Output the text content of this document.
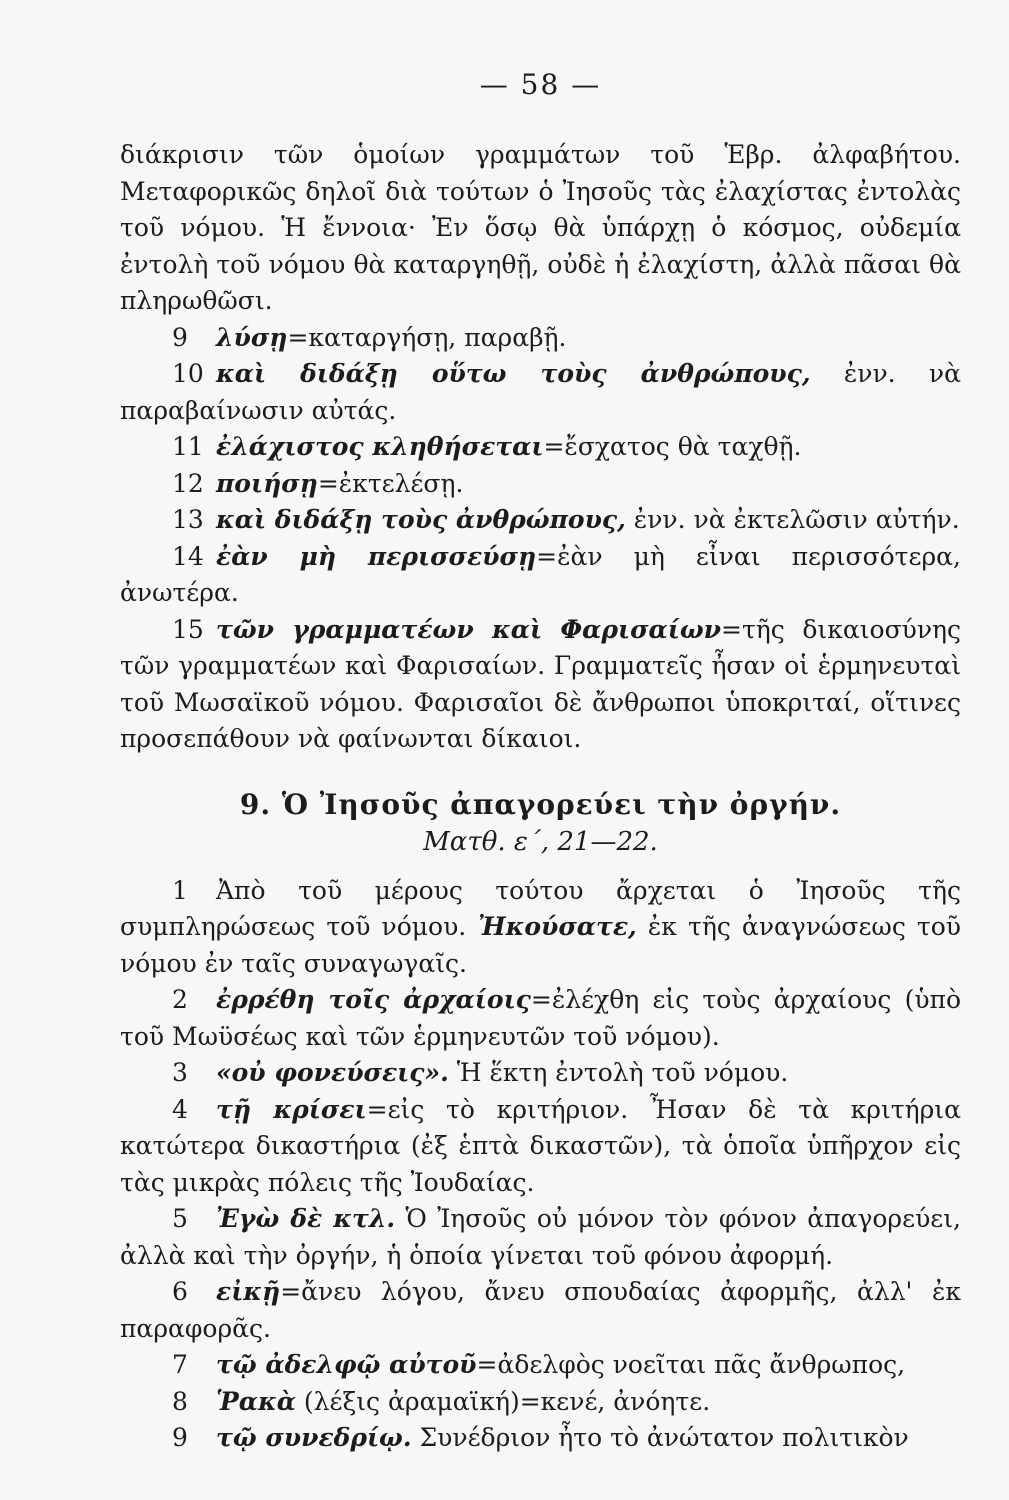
— 58 —

διάκρισιν τῶν ὁμοίων γραμμάτων τοῦ Ἑβρ. ἀλφαβήτου. Μεταφορικῶς δηλοῖ διὰ τούτων ὁ Ἰησοῦς τὰς ἐλαχίστας ἐντολὰς τοῦ νόμου. Ἡ ἔννοια· Ἐν ὅσῳ θὰ ὑπάρχῃ ὁ κόσμος, οὐδεμία ἐντολὴ τοῦ νόμου θὰ καταργηθῇ, οὐδὲ ἡ ἐλαχίστη, ἀλλὰ πᾶσαι θὰ πληρωθῶσι.

9 λύσῃ=καταργήσῃ, παραβῇ.

10 καὶ διδάξῃ οὕτω τοὺς ἀνθρώπους, ἐνν. νὰ παραβαίνωσιν αὐτάς.

11 ἐλάχιστος κληθήσεται=ἔσχατος θὰ ταχθῇ.

12 ποιήσῃ=ἐκτελέσῃ.

13 καὶ διδάξῃ τοὺς ἀνθρώπους, ἐνν. νὰ ἐκτελῶσιν αὐτήν.

14 ἐὰν μὴ περισσεύσῃ=ἐὰν μὴ εἶναι περισσότερα, ἀνωτέρα.

15 τῶν γραμματέων καὶ Φαρισαίων=τῆς δικαιοσύνης τῶν γραμματέων καὶ Φαρισαίων. Γραμματεῖς ἦσαν οἱ ἑρμηνευταὶ τοῦ Μωσαϊκοῦ νόμου. Φαρισαῖοι δὲ ἄνθρωποι ὑποκριταί, οἵτινες προσεπάθουν νὰ φαίνωνται δίκαιοι.

9. Ὁ Ἰησοῦς ἀπαγορεύει τὴν ὀργήν.

Ματθ. ε΄, 21—22.

1 Ἀπὸ τοῦ μέρους τούτου ἄρχεται ὁ Ἰησοῦς τῆς συμπληρώσεως τοῦ νόμου. Ἠκούσατε, ἐκ τῆς ἀναγνώσεως τοῦ νόμου ἐν ταῖς συναγωγαῖς.

2 ἐρρέθη τοῖς ἀρχαίοις=ἐλέχθη εἰς τοὺς ἀρχαίους (ὑπὸ τοῦ Μωϋσέως καὶ τῶν ἑρμηνευτῶν τοῦ νόμου).

3 «οὐ φονεύσεις». Ἡ ἕκτη ἐντολὴ τοῦ νόμου.

4 τῇ κρίσει=εἰς τὸ κριτήριον. Ἦσαν δὲ τὰ κριτήρια κατώτερα δικαστήρια (ἐξ ἑπτὰ δικαστῶν), τὰ ὁποῖα ὑπῆρχον εἰς τὰς μικρὰς πόλεις τῆς Ἰουδαίας.

5 Ἐγὼ δὲ κτλ. Ὁ Ἰησοῦς οὐ μόνον τὸν φόνον ἀπαγορεύει, ἀλλὰ καὶ τὴν ὀργήν, ἡ ὁποία γίνεται τοῦ φόνου ἀφορμή.

6 εἰκῇ=ἄνευ λόγου, ἄνευ σπουδαίας ἀφορμῆς, ἀλλ' ἐκ παραφορᾶς.

7 τῷ ἀδελφῷ αὐτοῦ=ἀδελφὸς νοεῖται πᾶς ἄνθρωπος,

8 Ῥακὰ (λέξις ἀραμαϊκή)=κενέ, ἀνόητε.

9 τῷ συνεδρίῳ. Συνέδριον ἦτο τὸ ἀνώτατον πολιτικὸν
